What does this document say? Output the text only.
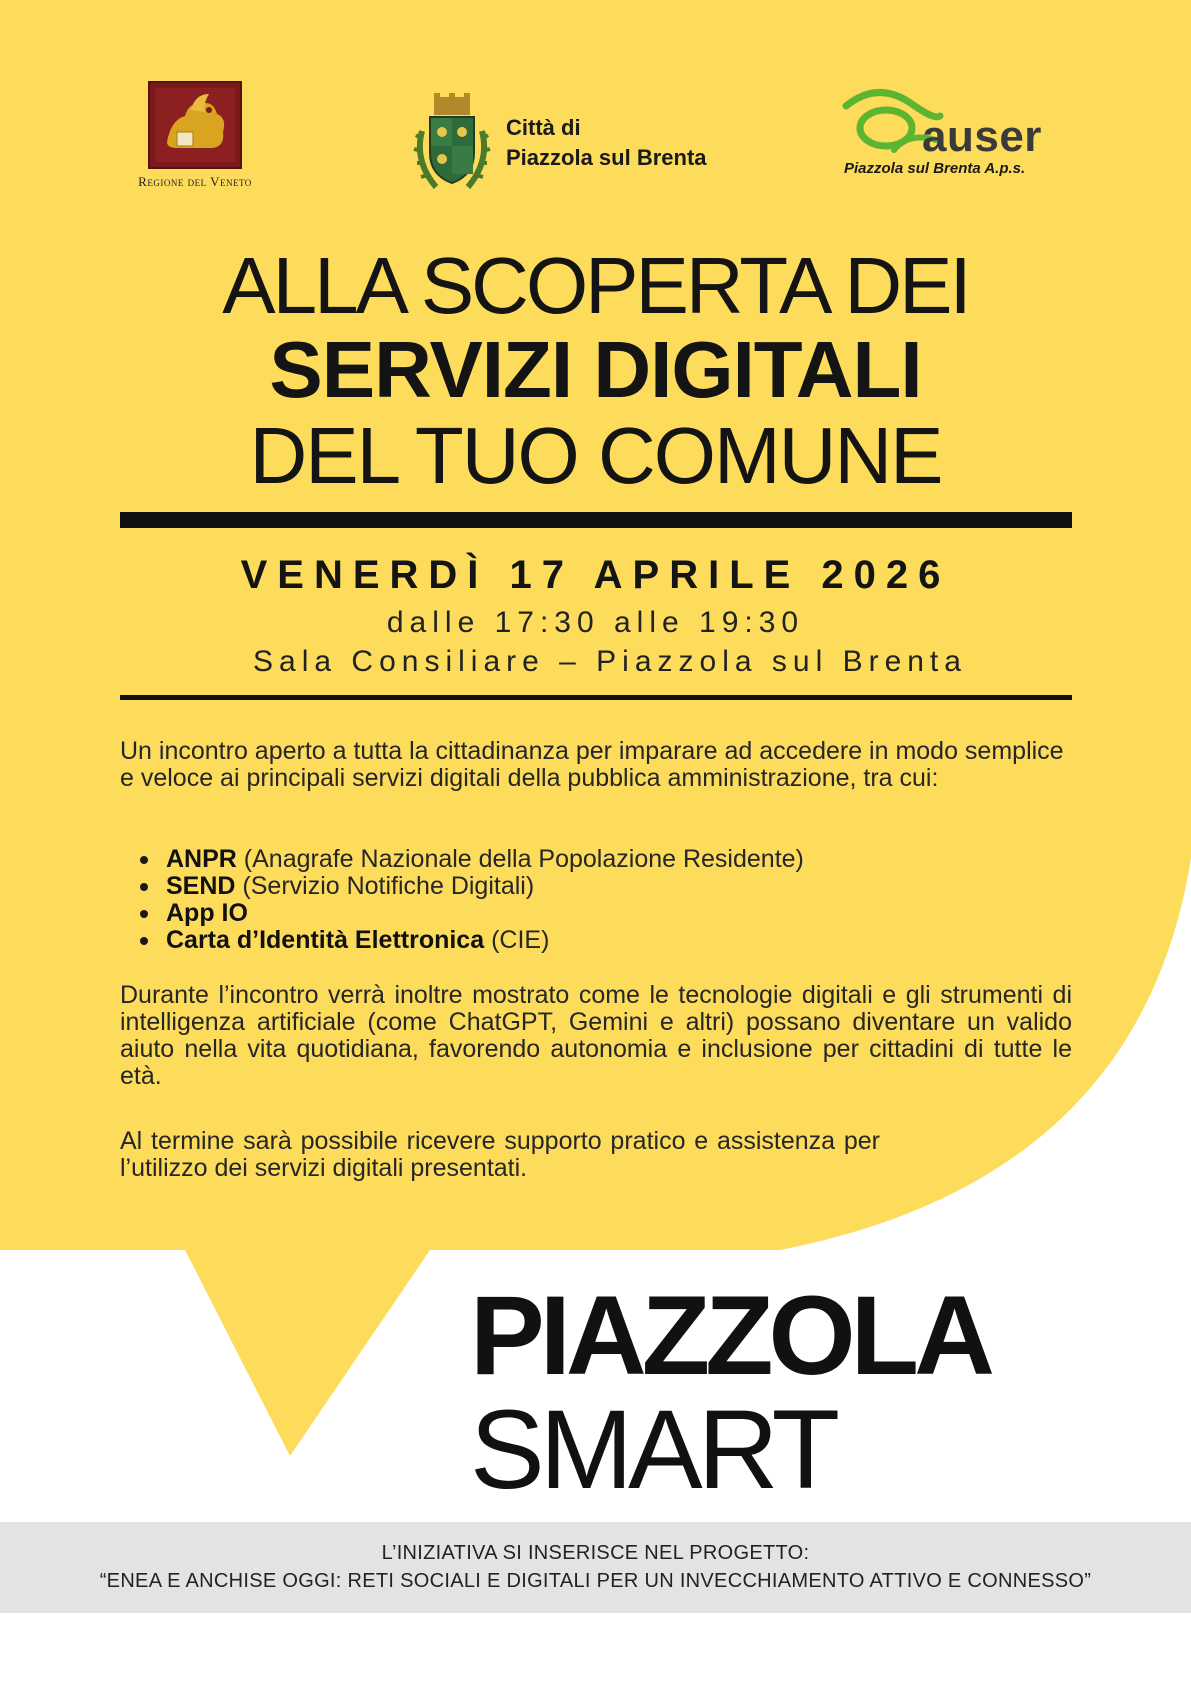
Regione del Veneto
Città di
Piazzola sul Brenta	auser
Piazzola sul Brenta A.p.s.
ALLA SCOPERTA DEI
SERVIZI DIGITALI
DEL TUO COMUNE
VENERDÌ 17 APRILE 2026
dalle 17:30 alle 19:30
Sala Consiliare – Piazzola sul Brenta
Un incontro aperto a tutta la cittadinanza per imparare ad accedere in modo semplice e veloce ai principali servizi digitali della pubblica amministrazione, tra cui:
ANPR (Anagrafe Nazionale della Popolazione Residente)
SEND (Servizio Notifiche Digitali)
App IO
Carta d’Identità Elettronica (CIE)
Durante l’incontro verrà inoltre mostrato come le tecnologie digitali e gli strumenti di intelligenza artificiale (come ChatGPT, Gemini e altri) possano diventare un valido aiuto nella vita quotidiana, favorendo autonomia e inclusione per cittadini di tutte le età.
Al termine sarà possibile ricevere supporto pratico e assistenza per l’utilizzo dei servizi digitali presentati.
PIAZZOLA
SMART
L’INIZIATIVA SI INSERISCE NEL PROGETTO:
“ENEA E ANCHISE OGGI: RETI SOCIALI E DIGITALI PER UN INVECCHIAMENTO ATTIVO E CONNESSO”
